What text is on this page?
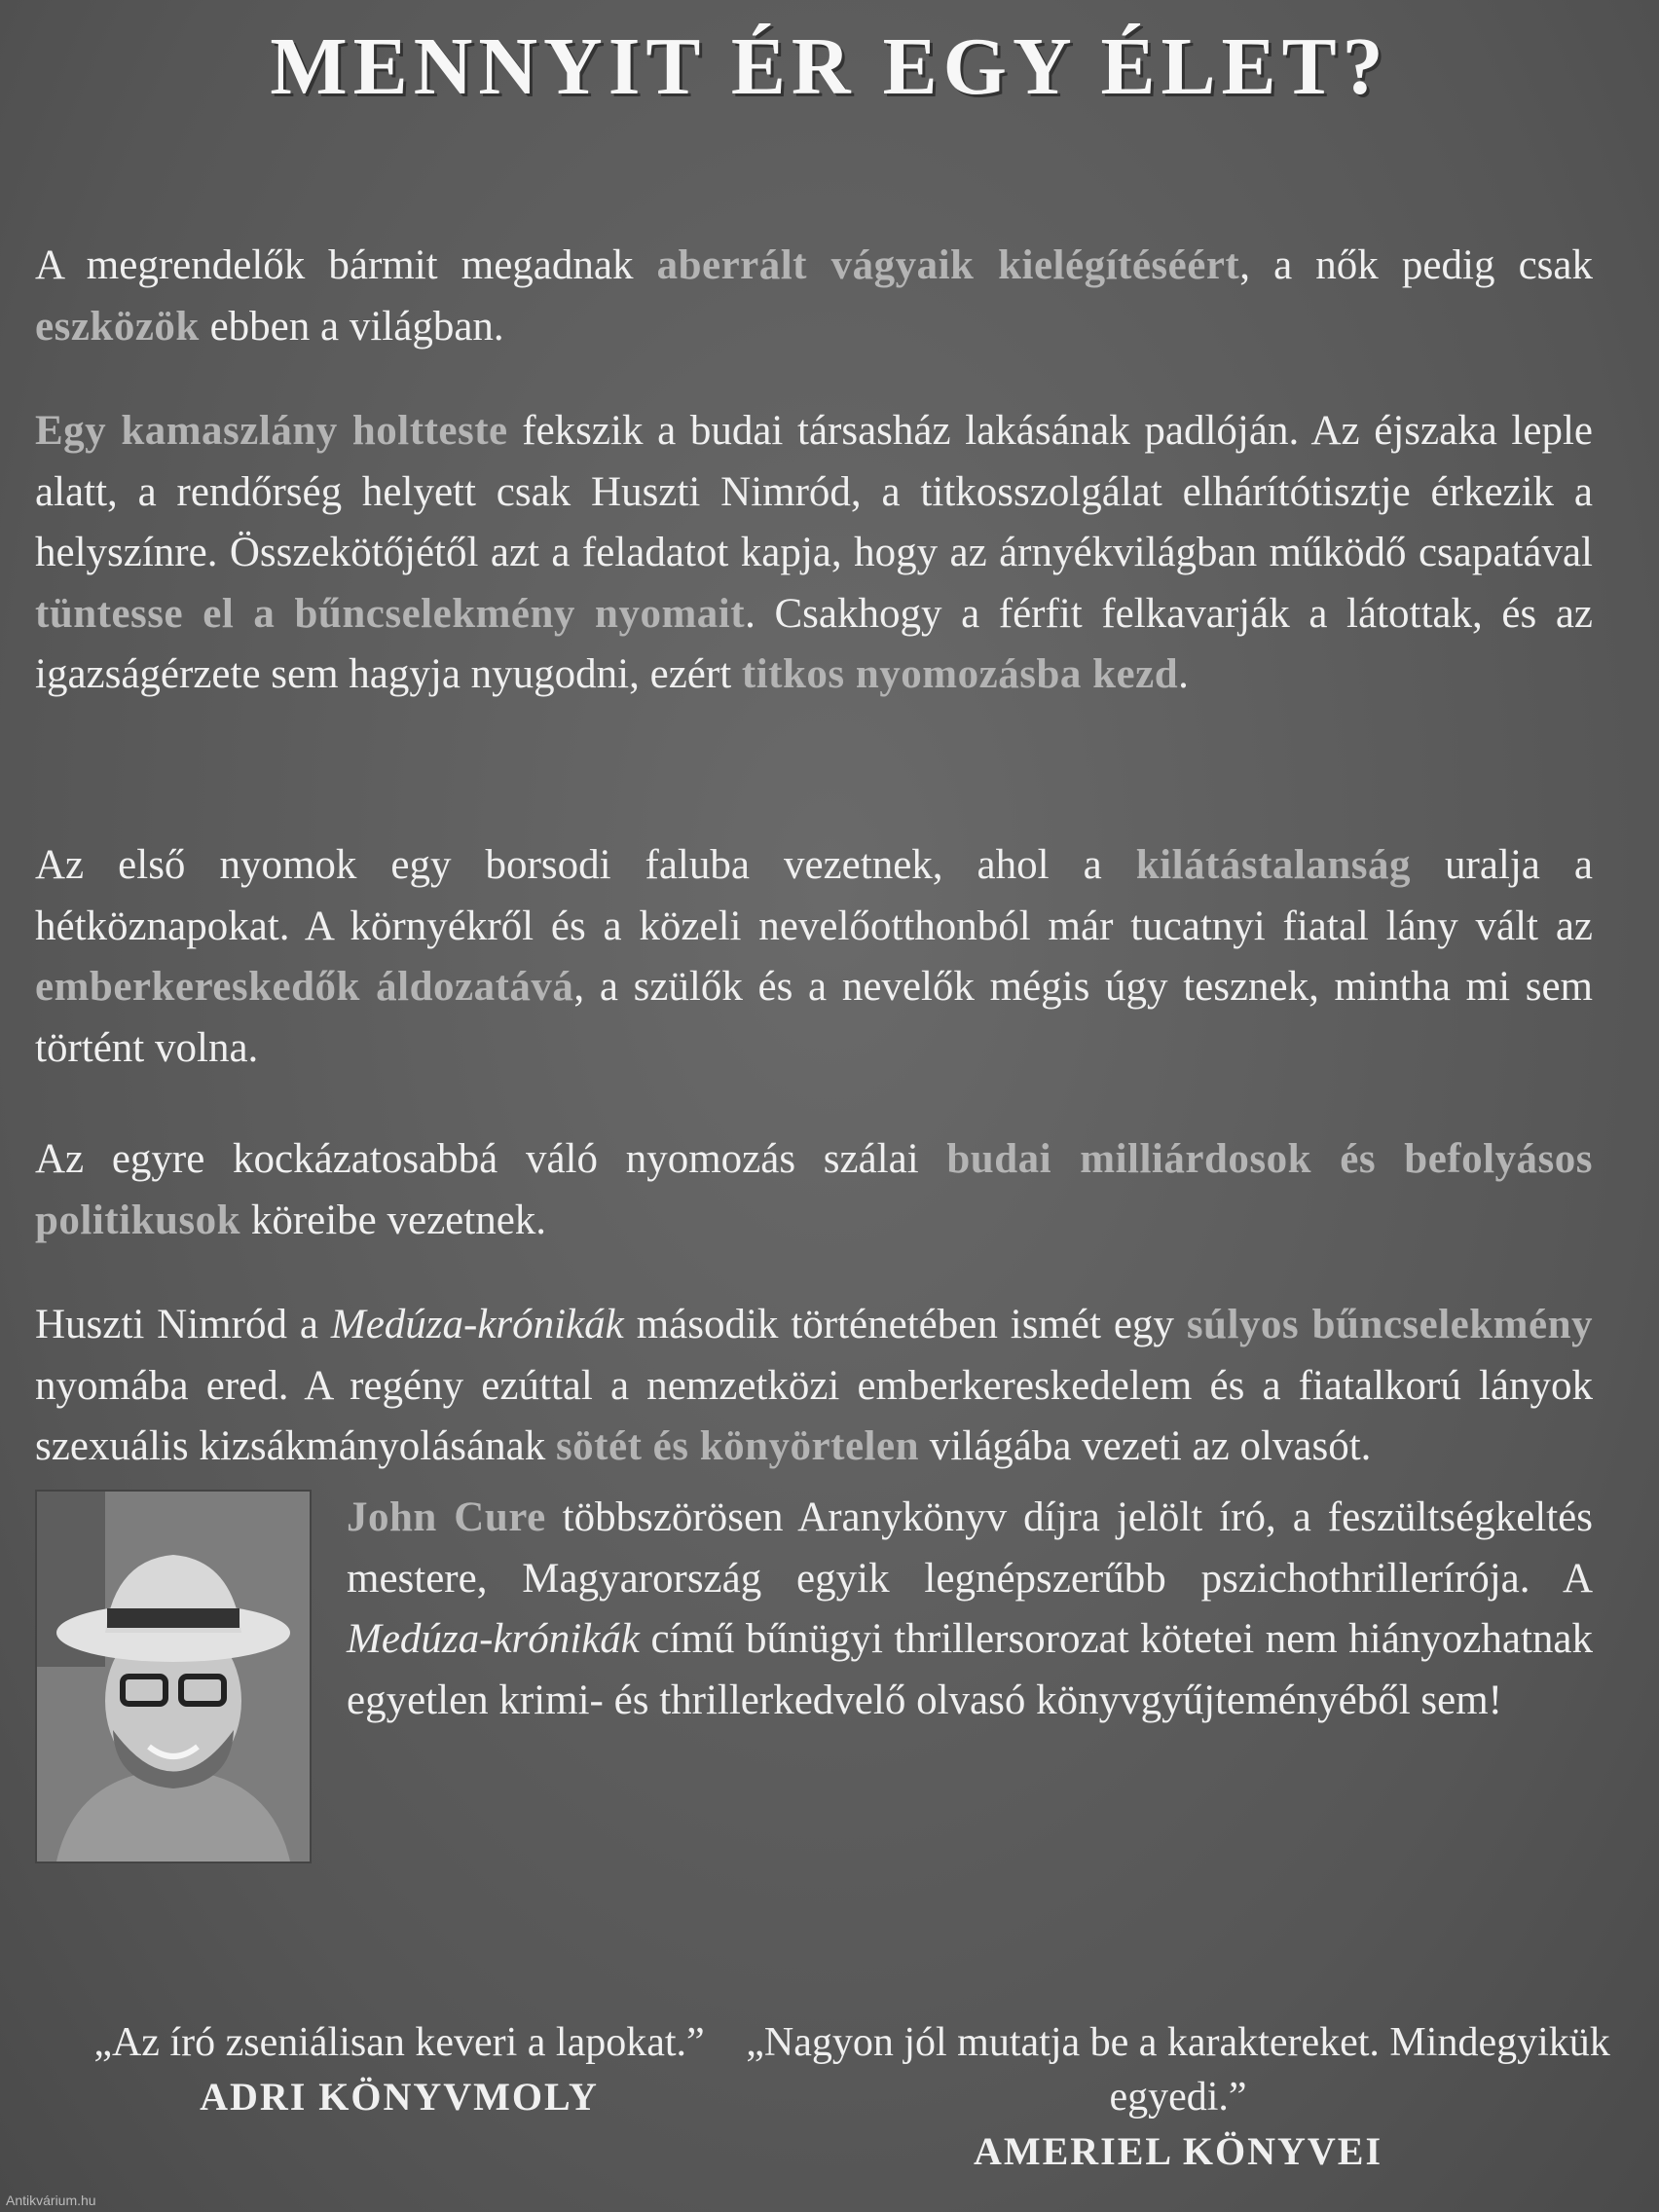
MENNYIT ÉR EGY ÉLET?

A megrendelők bármit megadnak aberrált vágyaik kielégítéséért, a nők pedig csak eszközök ebben a világban.

Egy kamaszlány holtteste fekszik a budai társasház lakásának padlóján. Az éjszaka leple alatt, a rendőrség helyett csak Huszti Nimród, a titkosszolgálat elhárítótisztje érkezik a helyszínre. Összekötőjétől azt a feladatot kapja, hogy az árnyékvilágban működő csapatával tüntesse el a bűncselekmény nyomait. Csakhogy a férfit felkavarják a látottak, és az igazságérzete sem hagyja nyugodni, ezért titkos nyomozásba kezd.

Az első nyomok egy borsodi faluba vezetnek, ahol a kilátástalanság uralja a hétköznapokat. A környékről és a közeli nevelőotthonból már tucatnyi fiatal lány vált az emberkereskedők áldozatává, a szülők és a nevelők mégis úgy tesznek, mintha mi sem történt volna.

Az egyre kockázatosabbá váló nyomozás szálai budai milliárdosok és befolyásos politikusok köreibe vezetnek.

Huszti Nimród a Medúza-krónikák második történetében ismét egy súlyos bűncselekmény nyomába ered. A regény ezúttal a nemzetközi emberkereskedelem és a fiatalkorú lányok szexuális kizsákmányolásának sötét és könyörtelen világába vezeti az olvasót.

John Cure többszörösen Aranykönyv díjra jelölt író, a feszültségkeltés mestere, Magyarország egyik legnépszerűbb pszichothrillerírója. A Medúza-krónikák című bűnügyi thrillersorozat kötetei nem hiányozhatnak egyetlen krimi- és thrillerkedvelő olvasó könyvgyűjteményéből sem!

„Az író zseniálisan keveri a lapokat.”
ADRI KÖNYVMOLY
„Nagyon jól mutatja be a karaktereket. Mindegyikük egyedi.”
AMERIEL KÖNYVEI
Antikvárium.hu
